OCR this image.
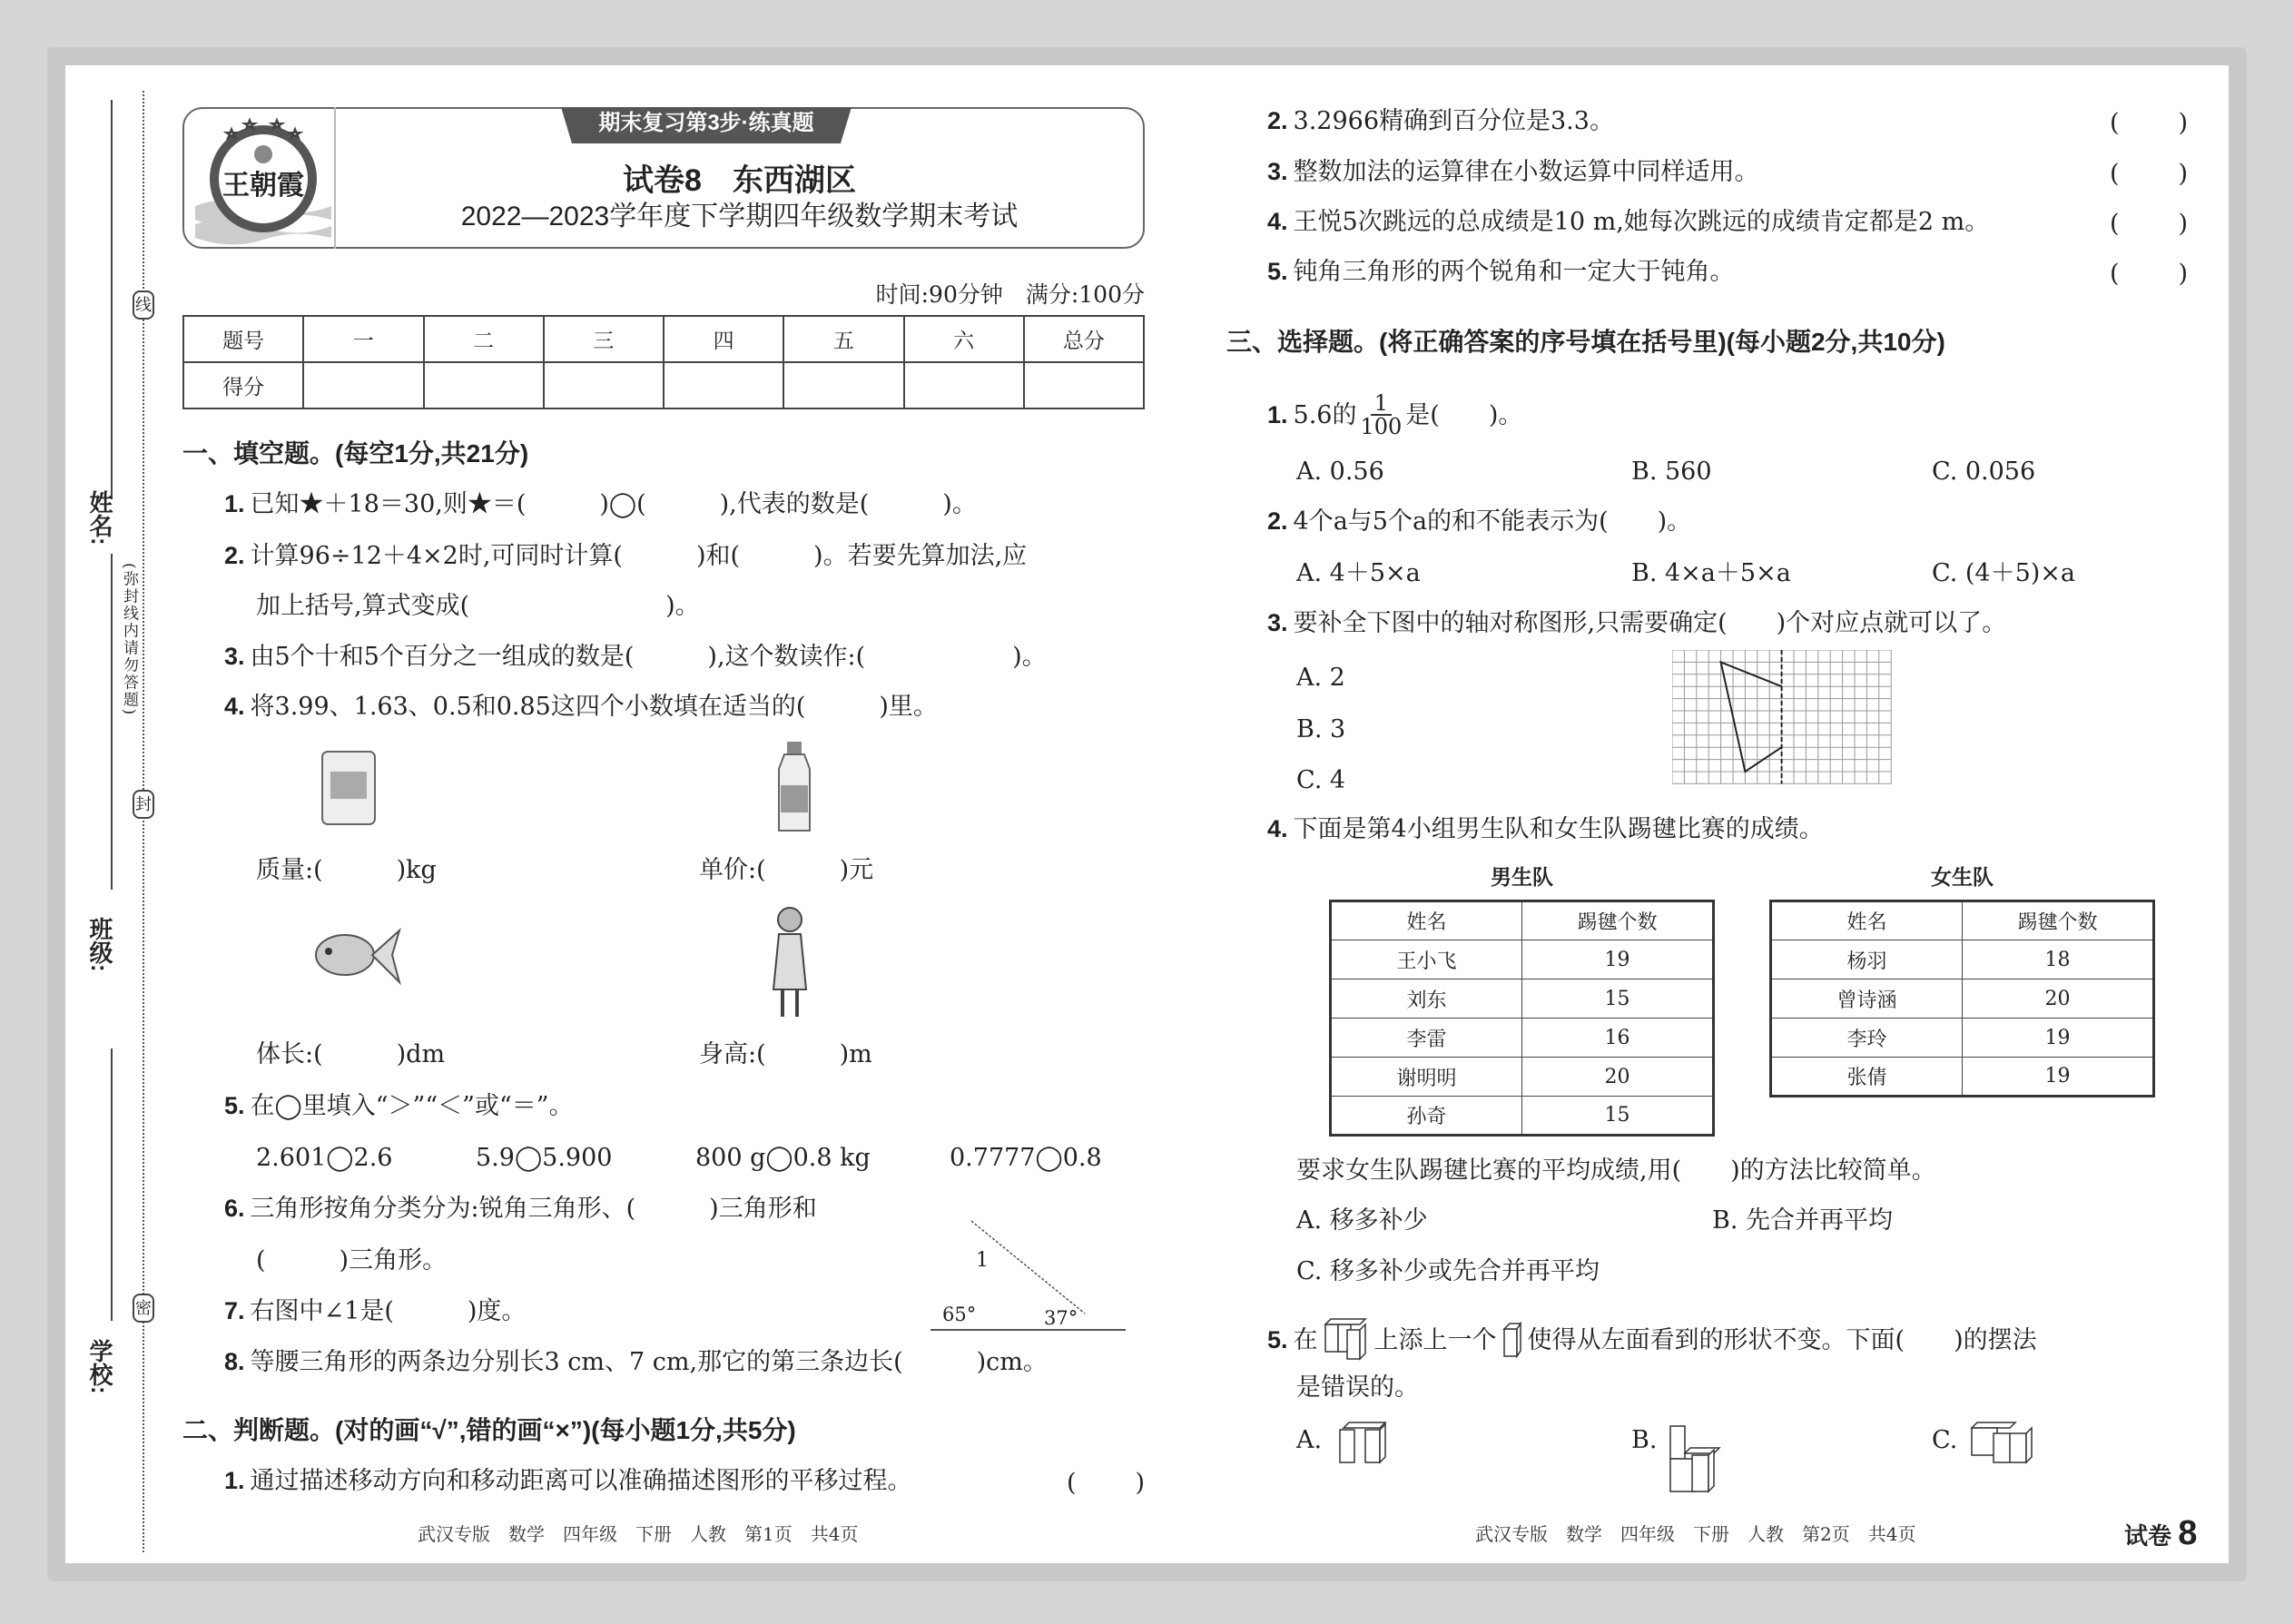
姓名:
班级:
学校:
线
封
密
(弥封线内请勿答题)
王朝霞
期末复习第3步·练真题
试卷8　东西湖区
2022—2023学年度下学期四年级数学期末考试
时间:90分钟　满分:100分
题号	一	二	三	四	五	六	总分
得分							
一、填空题。(每空1分,共21分)
1. 已知★＋18＝30,则★＝(　　　)◯(　　　),代表的数是(　　　)。
2. 计算96÷12＋4×2时,可同时计算(　　　)和(　　　)。若要先算加法,应
加上括号,算式变成(　　　　　　　　)。
3. 由5个十和5个百分之一组成的数是(　　　),这个数读作:(　　　　　　)。
4. 将3.99、1.63、0.5和0.85这四个小数填在适当的(　　　)里。
质量:(　　　)kg	单价:(　　　)元
体长:(　　　)dm	身高:(　　　)m
5. 在◯里填入“＞”“＜”或“＝”。
2.601◯2.6	5.9◯5.900	800 g◯0.8 kg	0.7777◯0.8
6. 三角形按角分类分为:锐角三角形、(　　　)三角形和
(　　　)三角形。
7. 右图中∠1是(　　　)度。
1
65°	37°
8. 等腰三角形的两条边分别长3 cm、7 cm,那它的第三条边长(　　　)cm。
二、判断题。(对的画“√”,错的画“×”)(每小题1分,共5分)
1. 通过描述移动方向和移动距离可以准确描述图形的平移过程。	( )
武汉专版　数学　四年级　下册　人教　第1页　共4页
2. 3.2966精确到百分位是3.3。	( )
3. 整数加法的运算律在小数运算中同样适用。	( )
4. 王悦5次跳远的总成绩是10 m,她每次跳远的成绩肯定都是2 m。	( )
5. 钝角三角形的两个锐角和一定大于钝角。	( )
三、选择题。(将正确答案的序号填在括号里)(每小题2分,共10分)
1. 5.6的 $\frac{1}{100}$ 是(　　)。
A. 0.56	B. 560	C. 0.056
2. 4个a与5个a的和不能表示为(　　)。
A. 4＋5×a	B. 4×a＋5×a	C. (4＋5)×a
3. 要补全下图中的轴对称图形,只需要确定(　　)个对应点就可以了。
A. 2
B. 3
C. 4
4. 下面是第4小组男生队和女生队踢毽比赛的成绩。
男生队	女生队
姓名	踢毽个数
王小飞	19
刘东	15
李雷	16
谢明明	20
孙奇	15
姓名	踢毽个数
杨羽	18
曾诗涵	20
李玲	19
张倩	19
要求女生队踢毽比赛的平均成绩,用(　　)的方法比较简单。
A. 移多补少	B. 先合并再平均
C. 移多补少或先合并再平均
5. 在 上添上一个 使得从左面看到的形状不变。下面(　　)的摆法
是错误的。
A.	B.	C.
武汉专版　数学　四年级　下册　人教　第2页　共4页	试卷 8
